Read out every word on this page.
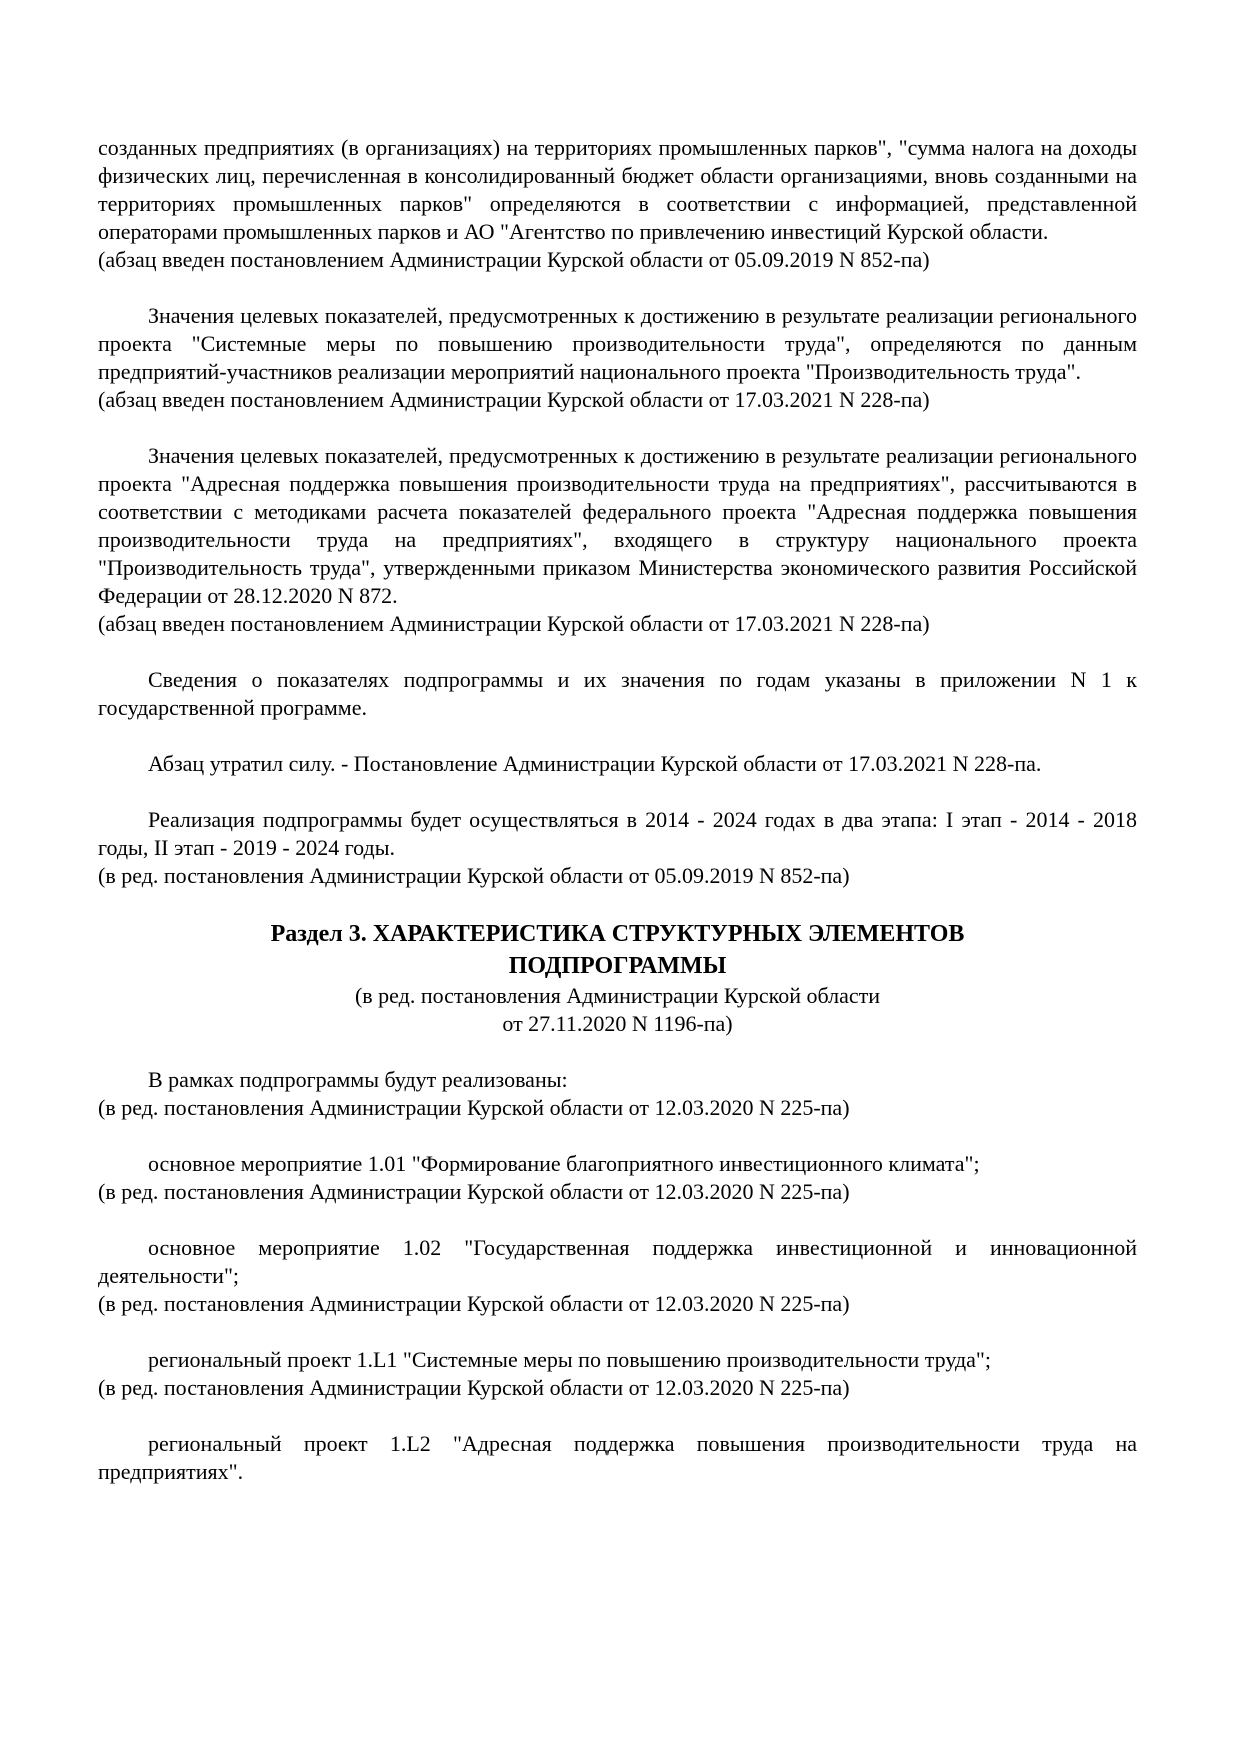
созданных предприятиях (в организациях) на территориях промышленных парков", "сумма налога на доходы физических лиц, перечисленная в консолидированный бюджет области организациями, вновь созданными на территориях промышленных парков" определяются в соответствии с информацией, представленной операторами промышленных парков и АО "Агентство по привлечению инвестиций Курской области.

(абзац введен постановлением Администрации Курской области от 05.09.2019 N 852-па)

Значения целевых показателей, предусмотренных к достижению в результате реализации регионального проекта "Системные меры по повышению производительности труда", определяются по данным предприятий-участников реализации мероприятий национального проекта "Производительность труда".

(абзац введен постановлением Администрации Курской области от 17.03.2021 N 228-па)

Значения целевых показателей, предусмотренных к достижению в результате реализации регионального проекта "Адресная поддержка повышения производительности труда на предприятиях", рассчитываются в соответствии с методиками расчета показателей федерального проекта "Адресная поддержка повышения производительности труда на предприятиях", входящего в структуру национального проекта "Производительность труда", утвержденными приказом Министерства экономического развития Российской Федерации от 28.12.2020 N 872.

(абзац введен постановлением Администрации Курской области от 17.03.2021 N 228-па)

Сведения о показателях подпрограммы и их значения по годам указаны в приложении N 1 к государственной программе.

Абзац утратил силу. - Постановление Администрации Курской области от 17.03.2021 N 228-па.

Реализация подпрограммы будет осуществляться в 2014 - 2024 годах в два этапа: I этап - 2014 - 2018 годы, II этап - 2019 - 2024 годы.

(в ред. постановления Администрации Курской области от 05.09.2019 N 852-па)

Раздел 3. ХАРАКТЕРИСТИКА СТРУКТУРНЫХ ЭЛЕМЕНТОВ

ПОДПРОГРАММЫ

(в ред. постановления Администрации Курской области

от 27.11.2020 N 1196-па)

В рамках подпрограммы будут реализованы:

(в ред. постановления Администрации Курской области от 12.03.2020 N 225-па)

основное мероприятие 1.01 "Формирование благоприятного инвестиционного климата";

(в ред. постановления Администрации Курской области от 12.03.2020 N 225-па)

основное мероприятие 1.02 "Государственная поддержка инвестиционной и инновационной деятельности";

(в ред. постановления Администрации Курской области от 12.03.2020 N 225-па)

региональный проект 1.L1 "Системные меры по повышению производительности труда";

(в ред. постановления Администрации Курской области от 12.03.2020 N 225-па)

региональный проект 1.L2 "Адресная поддержка повышения производительности труда на предприятиях".
